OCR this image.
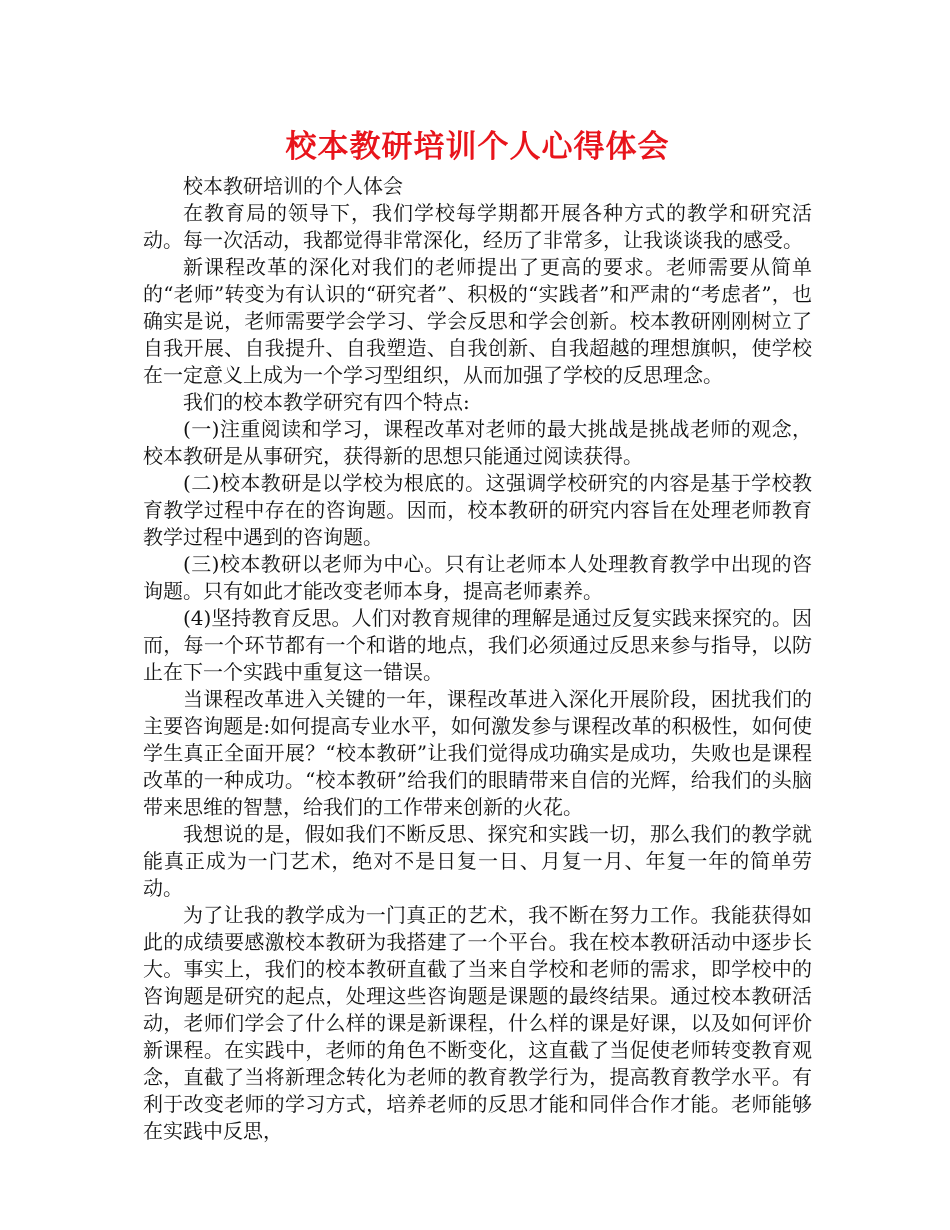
校本教研培训个人心得体会

校本教研培训的个人体会

在教育局的领导下，我们学校每学期都开展各种方式的教学和研究活动。每一次活动，我都觉得非常深化，经历了非常多，让我谈谈我的感受。

新课程改革的深化对我们的老师提出了更高的要求。老师需要从简单的“老师”转变为有认识的“研究者”、积极的“实践者”和严肃的“考虑者”，也确实是说，老师需要学会学习、学会反思和学会创新。校本教研刚刚树立了自我开展、自我提升、自我塑造、自我创新、自我超越的理想旗帜，使学校在一定意义上成为一个学习型组织，从而加强了学校的反思理念。

我们的校本教学研究有四个特点:

(一)注重阅读和学习，课程改革对老师的最大挑战是挑战老师的观念，校本教研是从事研究，获得新的思想只能通过阅读获得。

(二)校本教研是以学校为根底的。这强调学校研究的内容是基于学校教育教学过程中存在的咨询题。因而，校本教研的研究内容旨在处理老师教育教学过程中遇到的咨询题。

(三)校本教研以老师为中心。只有让老师本人处理教育教学中出现的咨询题。只有如此才能改变老师本身，提高老师素养。

(4)坚持教育反思。人们对教育规律的理解是通过反复实践来探究的。因而，每一个环节都有一个和谐的地点，我们必须通过反思来参与指导，以防止在下一个实践中重复这一错误。

当课程改革进入关键的一年，课程改革进入深化开展阶段，困扰我们的主要咨询题是:如何提高专业水平，如何激发参与课程改革的积极性，如何使学生真正全面开展？“校本教研”让我们觉得成功确实是成功，失败也是课程改革的一种成功。“校本教研”给我们的眼睛带来自信的光辉，给我们的头脑带来思维的智慧，给我们的工作带来创新的火花。

我想说的是，假如我们不断反思、探究和实践一切，那么我们的教学就能真正成为一门艺术，绝对不是日复一日、月复一月、年复一年的简单劳动。

为了让我的教学成为一门真正的艺术，我不断在努力工作。我能获得如此的成绩要感激校本教研为我搭建了一个平台。我在校本教研活动中逐步长大。事实上，我们的校本教研直截了当来自学校和老师的需求，即学校中的咨询题是研究的起点，处理这些咨询题是课题的最终结果。通过校本教研活动，老师们学会了什么样的课是新课程，什么样的课是好课，以及如何评价新课程。在实践中，老师的角色不断变化，这直截了当促使老师转变教育观念，直截了当将新理念转化为老师的教育教学行为，提高教育教学水平。有利于改变老师的学习方式，培养老师的反思才能和同伴合作才能。老师能够在实践中反思，
